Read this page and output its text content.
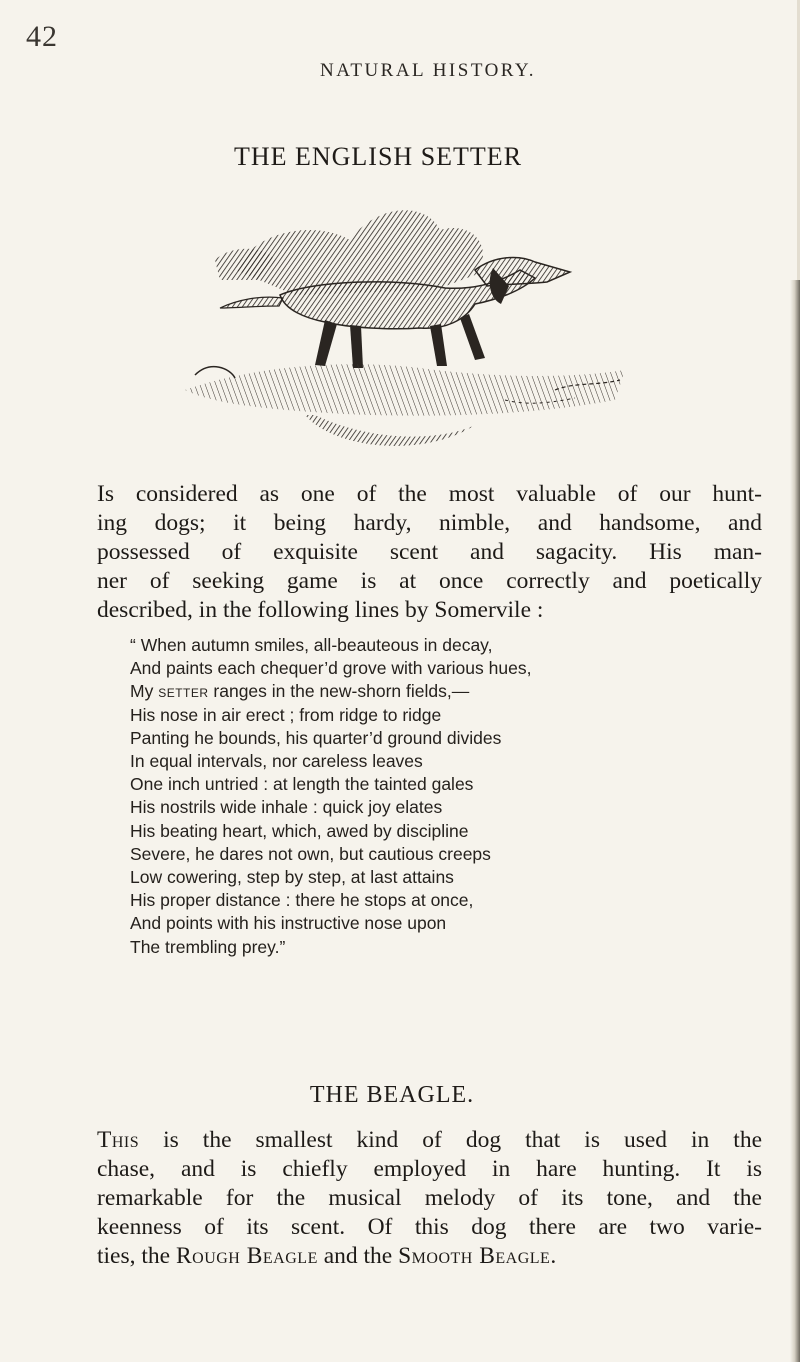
42
NATURAL HISTORY.
THE ENGLISH SETTER

Is considered as one of the most valuable of our hunt-
ing dogs; it being hardy, nimble, and handsome, and
possessed of exquisite scent and sagacity. His man-
ner of seeking game is at once correctly and poetically
described, in the following lines by Somervile :

“ When autumn smiles, all-beauteous in decay,
And paints each chequer’d grove with various hues,
My setter ranges in the new-shorn fields,—
His nose in air erect ; from ridge to ridge
Panting he bounds, his quarter’d ground divides
In equal intervals, nor careless leaves
One inch untried : at length the tainted gales
His nostrils wide inhale : quick joy elates
His beating heart, which, awed by discipline
Severe, he dares not own, but cautious creeps
Low cowering, step by step, at last attains
His proper distance : there he stops at once,
And points with his instructive nose upon
The trembling prey.”
THE BEAGLE.

This is the smallest kind of dog that is used in the
chase, and is chiefly employed in hare hunting. It is
remarkable for the musical melody of its tone, and the
keenness of its scent. Of this dog there are two varie-
ties, the Rough Beagle and the Smooth Beagle.
